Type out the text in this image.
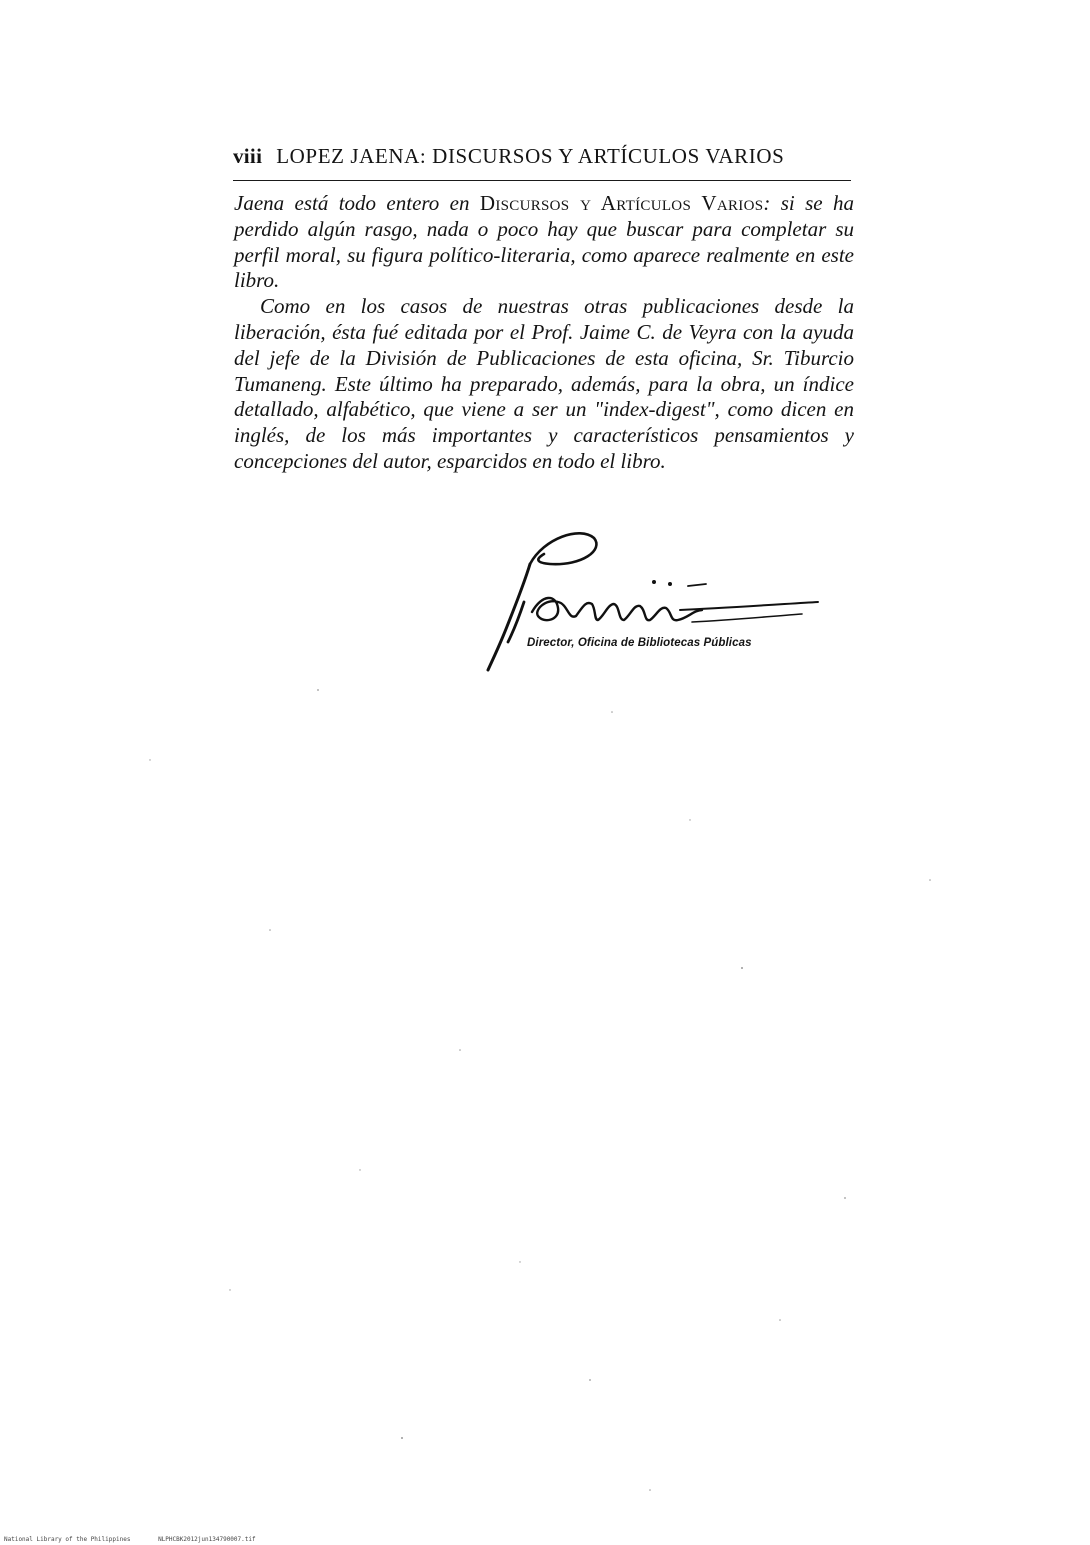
viii LOPEZ JAENA: DISCURSOS Y ARTÍCULOS VARIOS

Jaena está todo entero en Discursos y Artículos Varios: si se ha perdido algún rasgo, nada o poco hay que buscar para completar su perfil moral, su figura político-literaria, como aparece realmente en este libro.

Como en los casos de nuestras otras publicaciones desde la liberación, ésta fué editada por el Prof. Jaime C. de Veyra con la ayuda del jefe de la División de Publicaciones de esta oficina, Sr. Tiburcio Tumaneng. Este último ha preparado, además, para la obra, un índice detallado, alfabético, que viene a ser un "index-digest", como dicen en inglés, de los más importantes y característicos pensamientos y concepciones del autor, esparcidos en todo el libro.

Director, Oficina de Bibliotecas Públicas
National Library of the Philippines	NLPHCBK2012jun134790007.tif
